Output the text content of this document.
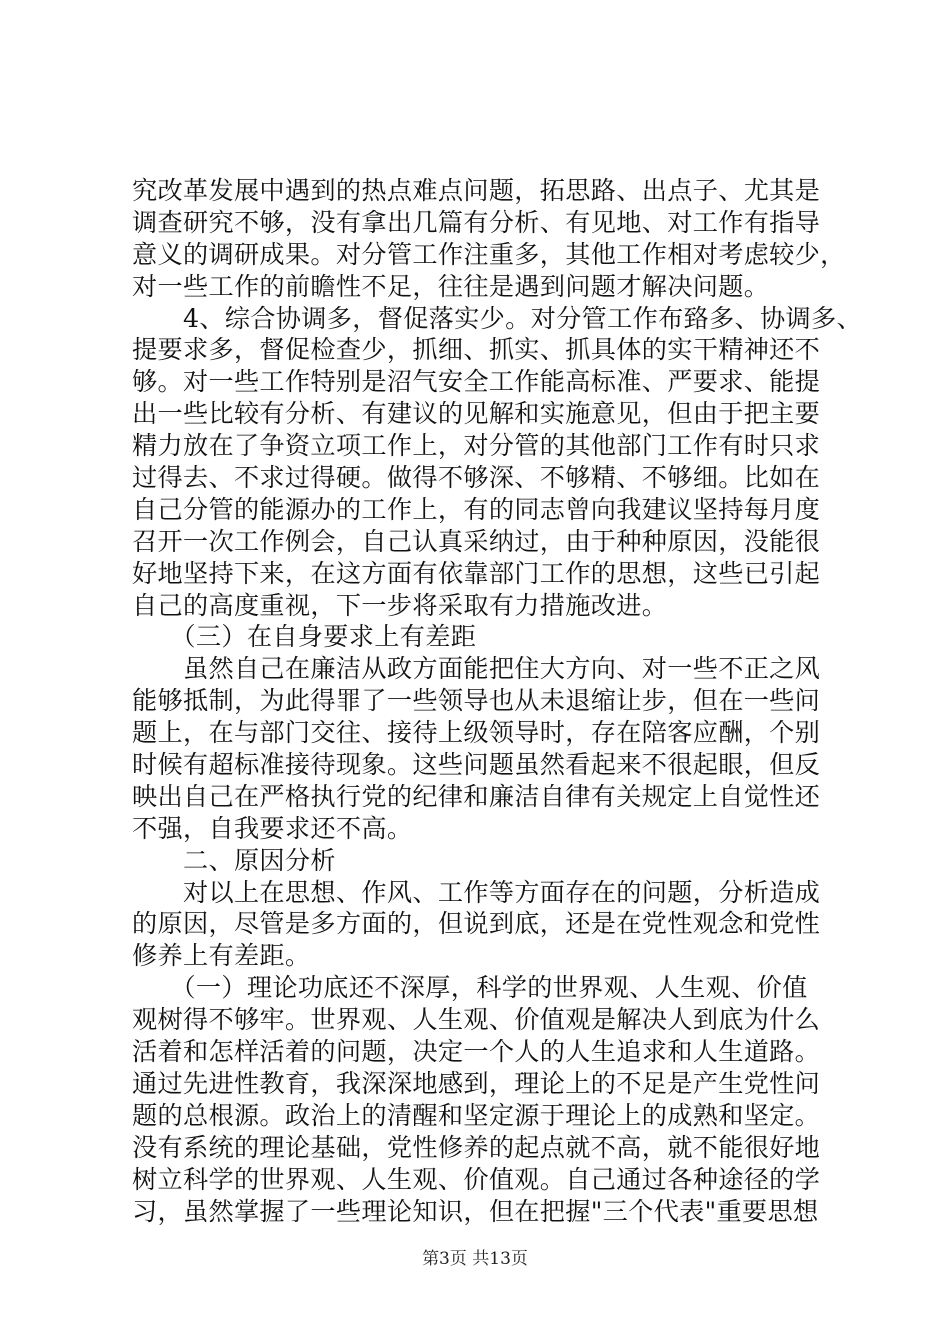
究改革发展中遇到的热点难点问题，拓思路、出点子、尤其是
调查研究不够，没有拿出几篇有分析、有见地、对工作有指导
意义的调研成果。对分管工作注重多，其他工作相对考虑较少，
对一些工作的前瞻性不足，往往是遇到问题才解决问题。
　　4、综合协调多，督促落实少。对分管工作布臵多、协调多、
提要求多，督促检查少，抓细、抓实、抓具体的实干精神还不
够。对一些工作特别是沼气安全工作能高标准、严要求、能提
出一些比较有分析、有建议的见解和实施意见，但由于把主要
精力放在了争资立项工作上，对分管的其他部门工作有时只求
过得去、不求过得硬。做得不够深、不够精、不够细。比如在
自己分管的能源办的工作上，有的同志曾向我建议坚持每月度
召开一次工作例会，自己认真采纳过，由于种种原因，没能很
好地坚持下来，在这方面有依靠部门工作的思想，这些已引起
自己的高度重视，下一步将采取有力措施改进。
　　（三）在自身要求上有差距
　　虽然自己在廉洁从政方面能把住大方向、对一些不正之风
能够抵制，为此得罪了一些领导也从未退缩让步，但在一些问
题上，在与部门交往、接待上级领导时，存在陪客应酬，个别
时候有超标准接待现象。这些问题虽然看起来不很起眼，但反
映出自己在严格执行党的纪律和廉洁自律有关规定上自觉性还
不强，自我要求还不高。
　　二、原因分析
　　对以上在思想、作风、工作等方面存在的问题，分析造成
的原因，尽管是多方面的，但说到底，还是在党性观念和党性
修养上有差距。
　　（一）理论功底还不深厚，科学的世界观、人生观、价值
观树得不够牢。世界观、人生观、价值观是解决人到底为什么
活着和怎样活着的问题，决定一个人的人生追求和人生道路。
通过先进性教育，我深深地感到，理论上的不足是产生党性问
题的总根源。政治上的清醒和坚定源于理论上的成熟和坚定。
没有系统的理论基础，党性修养的起点就不高，就不能很好地
树立科学的世界观、人生观、价值观。自己通过各种途径的学
习，虽然掌握了一些理论知识，但在把握"三个代表"重要思想
第3页 共13页
